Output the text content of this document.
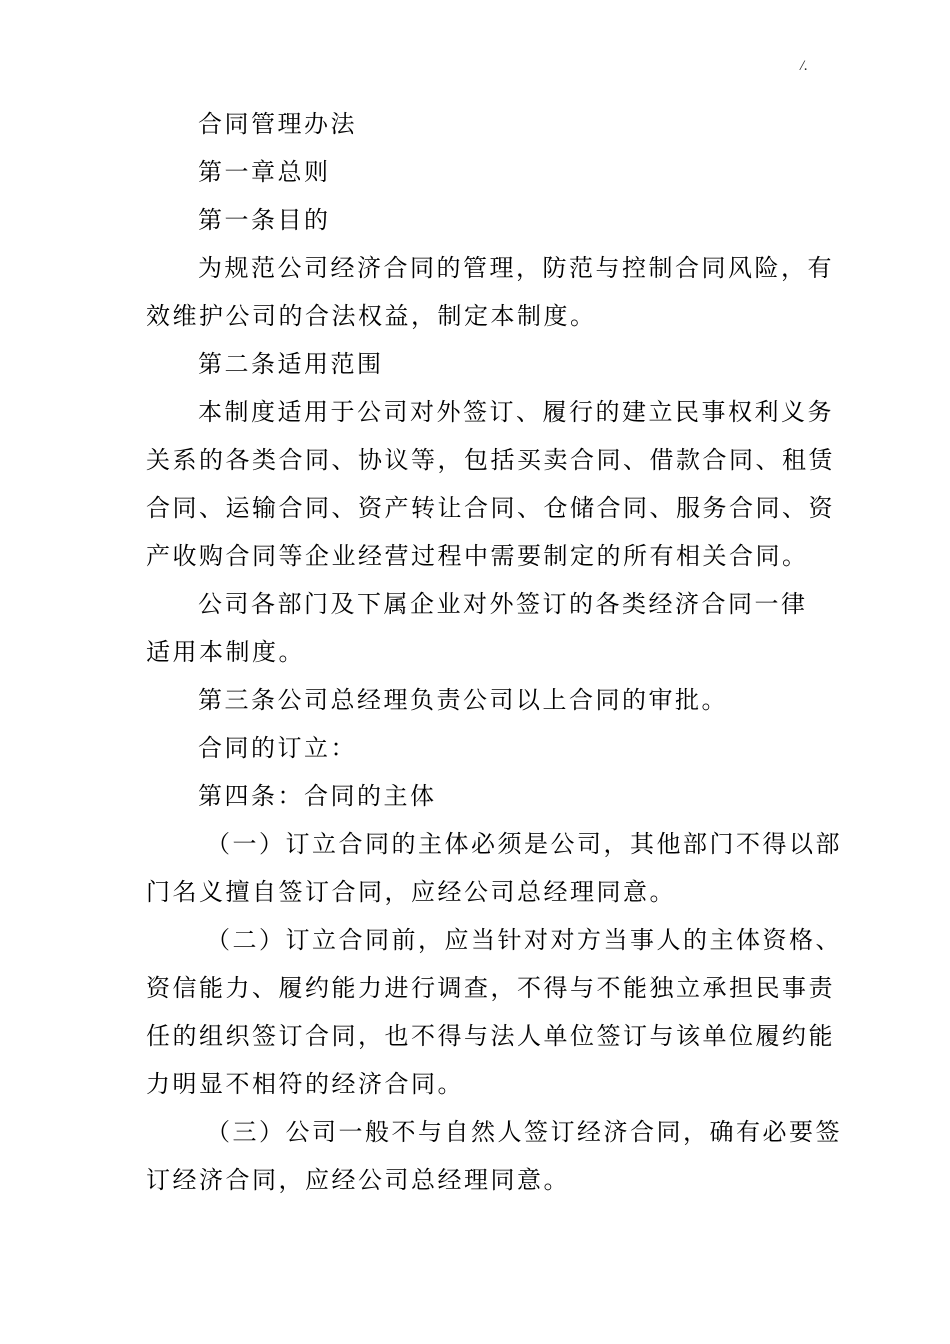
/.
合同管理办法
第一章总则
第一条目的
为规范公司经济合同的管理，防范与控制合同风险，有
效维护公司的合法权益，制定本制度。
第二条适用范围
本制度适用于公司对外签订、履行的建立民事权利义务
关系的各类合同、协议等，包括买卖合同、借款合同、租赁
合同、运输合同、资产转让合同、仓储合同、服务合同、资
产收购合同等企业经营过程中需要制定的所有相关合同。
公司各部门及下属企业对外签订的各类经济合同一律
适用本制度。
第三条公司总经理负责公司以上合同的审批。
合同的订立：
第四条：合同的主体
（一）订立合同的主体必须是公司，其他部门不得以部
门名义擅自签订合同，应经公司总经理同意。
（二）订立合同前，应当针对对方当事人的主体资格、
资信能力、履约能力进行调查，不得与不能独立承担民事责
任的组织签订合同，也不得与法人单位签订与该单位履约能
力明显不相符的经济合同。
（三）公司一般不与自然人签订经济合同，确有必要签
订经济合同，应经公司总经理同意。
